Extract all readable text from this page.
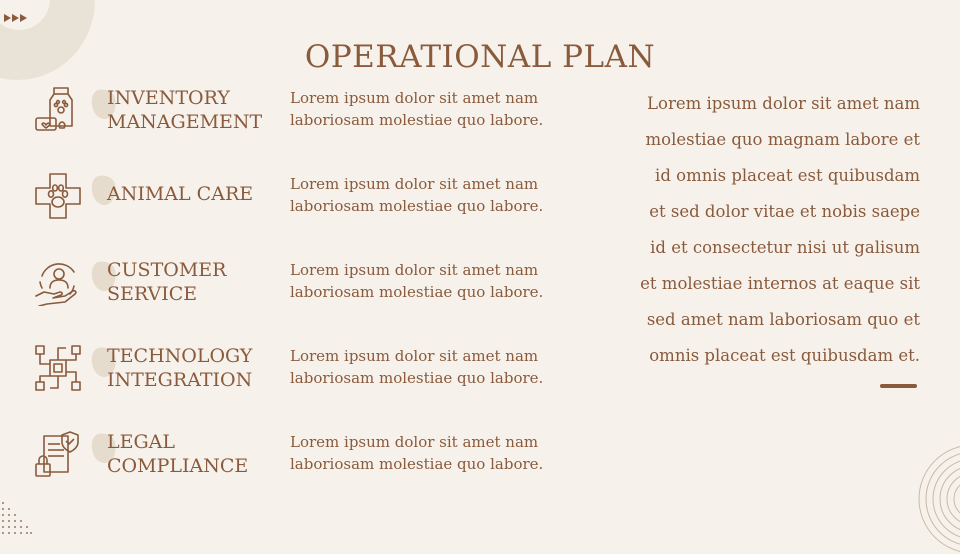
OPERATIONAL PLAN
INVENTORY
MANAGEMENT
Lorem ipsum dolor sit amet nam
laboriosam molestiae quo labore.
ANIMAL CARE	Lorem ipsum dolor sit amet nam
laboriosam molestiae quo labore.
CUSTOMER
SERVICE
Lorem ipsum dolor sit amet nam
laboriosam molestiae quo labore.
TECHNOLOGY
INTEGRATION
Lorem ipsum dolor sit amet nam
laboriosam molestiae quo labore.
LEGAL
COMPLIANCE
Lorem ipsum dolor sit amet nam
laboriosam molestiae quo labore.
Lorem ipsum dolor sit amet nam
molestiae quo magnam labore et
id omnis placeat est quibusdam
et sed dolor vitae et nobis saepe
id et consectetur nisi ut galisum
et molestiae internos at eaque sit
sed amet nam laboriosam quo et
omnis placeat est quibusdam et.
